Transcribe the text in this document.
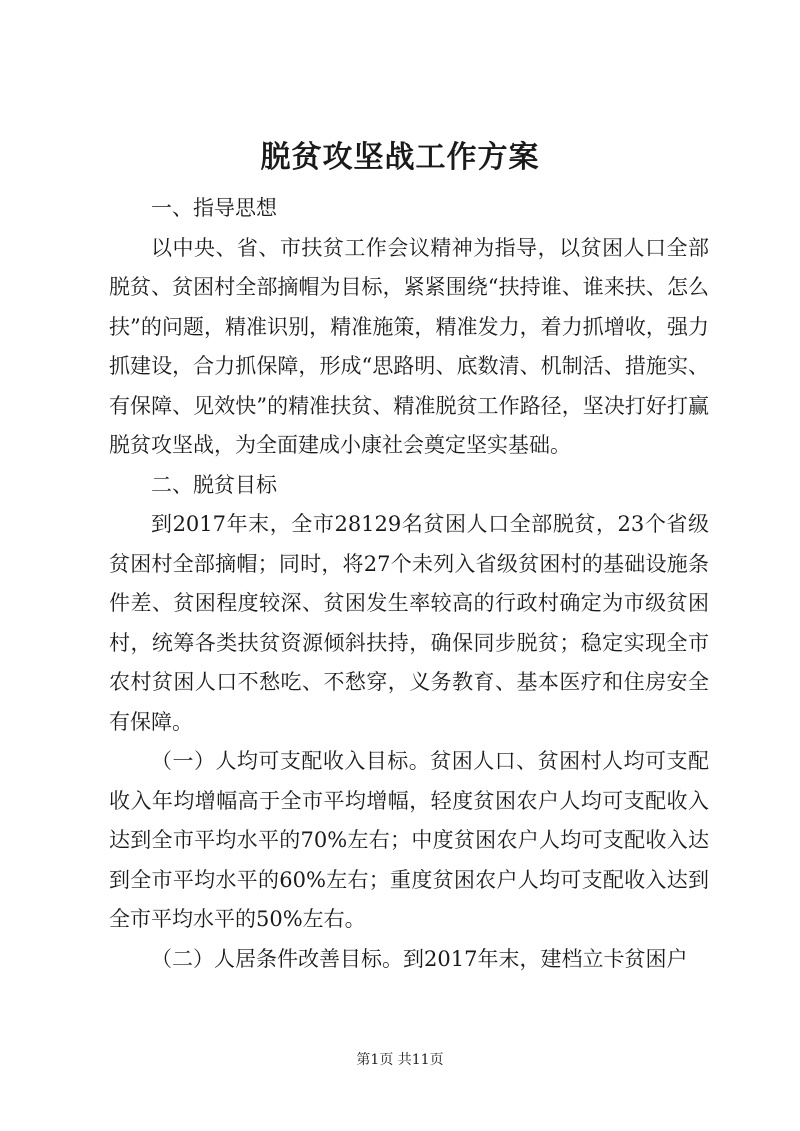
脱贫攻坚战工作方案

一、指导思想

以中央、省、市扶贫工作会议精神为指导，以贫困人口全部脱贫、贫困村全部摘帽为目标，紧紧围绕“扶持谁、谁来扶、怎么扶”的问题，精准识别，精准施策，精准发力，着力抓增收，强力抓建设，合力抓保障，形成“思路明、底数清、机制活、措施实、有保障、见效快”的精准扶贫、精准脱贫工作路径，坚决打好打赢脱贫攻坚战，为全面建成小康社会奠定坚实基础。

二、脱贫目标

到2017年末，全市28129名贫困人口全部脱贫，23个省级贫困村全部摘帽；同时，将27个未列入省级贫困村的基础设施条件差、贫困程度较深、贫困发生率较高的行政村确定为市级贫困村，统筹各类扶贫资源倾斜扶持，确保同步脱贫；稳定实现全市农村贫困人口不愁吃、不愁穿，义务教育、基本医疗和住房安全有保障。

（一）人均可支配收入目标。贫困人口、贫困村人均可支配收入年均增幅高于全市平均增幅，轻度贫困农户人均可支配收入达到全市平均水平的70%左右；中度贫困农户人均可支配收入达到全市平均水平的60%左右；重度贫困农户人均可支配收入达到全市平均水平的50%左右。

（二）人居条件改善目标。到2017年末，建档立卡贫困户

第1页 共11页
